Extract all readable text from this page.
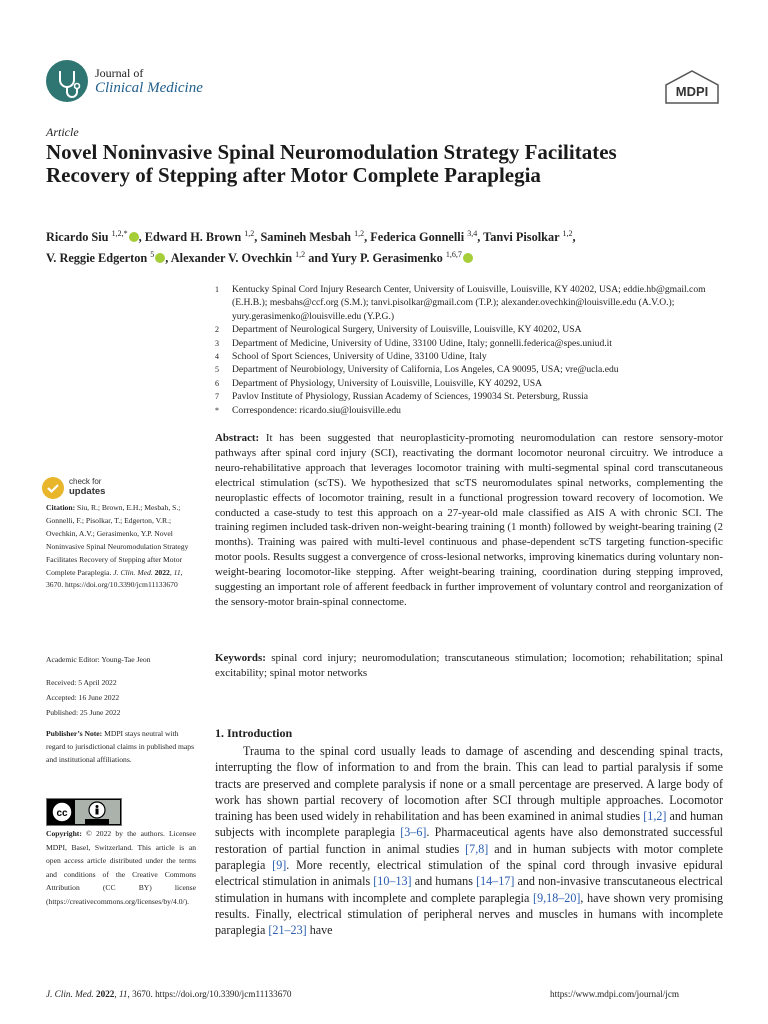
Journal of
Clinical Medicine	MDPI
Article
Novel Noninvasive Spinal Neuromodulation Strategy Facilitates Recovery of Stepping after Motor Complete Paraplegia
Ricardo Siu $^{1,2,*}$ , Edward H. Brown $^{1,2}$, Samineh Mesbah $^{1,2}$, Federica Gonnelli $^{3,4}$, Tanvi Pisolkar $^{1,2}$,
V. Reggie Edgerton $^5$ , Alexander V. Ovechkin $^{1,2}$ and Yury P. Gerasimenko $^{1,6,7}$
1	Kentucky Spinal Cord Injury Research Center, University of Louisville, Louisville, KY 40202, USA; eddie.hb@gmail.com (E.H.B.); mesbahs@ccf.org (S.M.); tanvi.pisolkar@gmail.com (T.P.); alexander.ovechkin@louisville.edu (A.V.O.); yury.gerasimenko@louisville.edu (Y.P.G.)
2	Department of Neurological Surgery, University of Louisville, Louisville, KY 40202, USA
3	Department of Medicine, University of Udine, 33100 Udine, Italy; gonnelli.federica@spes.uniud.it
4	School of Sport Sciences, University of Udine, 33100 Udine, Italy
5	Department of Neurobiology, University of California, Los Angeles, CA 90095, USA; vre@ucla.edu
6	Department of Physiology, University of Louisville, Louisville, KY 40292, USA
7	Pavlov Institute of Physiology, Russian Academy of Sciences, 199034 St. Petersburg, Russia
*	Correspondence: ricardo.siu@louisville.edu
check for
updates
Citation: Siu, R.; Brown, E.H.; Mesbah, S.; Gonnelli, F.; Pisolkar, T.; Edgerton, V.R.; Ovechkin, A.V.; Gerasimenko, Y.P. Novel Noninvasive Spinal Neuromodulation Strategy Facilitates Recovery of Stepping after Motor Complete Paraplegia. J. Clin. Med. 2022, 11, 3670. https://doi.org/10.3390/jcm11133670
Academic Editor: Young-Tae Jeon
Received: 5 April 2022
Accepted: 16 June 2022
Published: 25 June 2022
Publisher’s Note: MDPI stays neutral with regard to jurisdictional claims in published maps and institutional affiliations.
cc
Copyright: © 2022 by the authors. Licensee MDPI, Basel, Switzerland. This article is an open access article distributed under the terms and conditions of the Creative Commons Attribution (CC BY) license (https://creativecommons.org/licenses/by/4.0/).
Abstract: It has been suggested that neuroplasticity-promoting neuromodulation can restore sensory-motor pathways after spinal cord injury (SCI), reactivating the dormant locomotor neuronal circuitry. We introduce a neuro-rehabilitative approach that leverages locomotor training with multi-segmental spinal cord transcutaneous electrical stimulation (scTS). We hypothesized that scTS neuromodulates spinal networks, complementing the neuroplastic effects of locomotor training, result in a functional progression toward recovery of locomotion. We conducted a case-study to test this approach on a 27-year-old male classified as AIS A with chronic SCI. The training regimen included task-driven non-weight-bearing training (1 month) followed by weight-bearing training (2 months). Training was paired with multi-level continuous and phase-dependent scTS targeting function-specific motor pools. Results suggest a convergence of cross-lesional networks, improving kinematics during voluntary non-weight-bearing locomotor-like stepping. After weight-bearing training, coordination during stepping improved, suggesting an important role of afferent feedback in further improvement of voluntary control and reorganization of the sensory-motor brain-spinal connectome.
Keywords: spinal cord injury; neuromodulation; transcutaneous stimulation; locomotion; rehabilitation; spinal excitability; spinal motor networks
1. Introduction
Trauma to the spinal cord usually leads to damage of ascending and descending spinal tracts, interrupting the flow of information to and from the brain. This can lead to partial paralysis if some tracts are preserved and complete paralysis if none or a small percentage are preserved. A large body of work has shown partial recovery of locomotion after SCI through multiple approaches. Locomotor training has been used widely in rehabilitation and has been examined in animal studies [1,2] and human subjects with incomplete paraplegia [3–6]. Pharmaceutical agents have also demonstrated successful restoration of partial function in animal studies [7,8] and in human subjects with motor complete paraplegia [9]. More recently, electrical stimulation of the spinal cord through invasive epidural electrical stimulation in animals [10–13] and humans [14–17] and non-invasive transcutaneous electrical stimulation in humans with incomplete and complete paraplegia [9,18–20], have shown very promising results. Finally, electrical stimulation of peripheral nerves and muscles in humans with incomplete paraplegia [21–23] have
J. Clin. Med. 2022, 11, 3670. https://doi.org/10.3390/jcm11133670	https://www.mdpi.com/journal/jcm
